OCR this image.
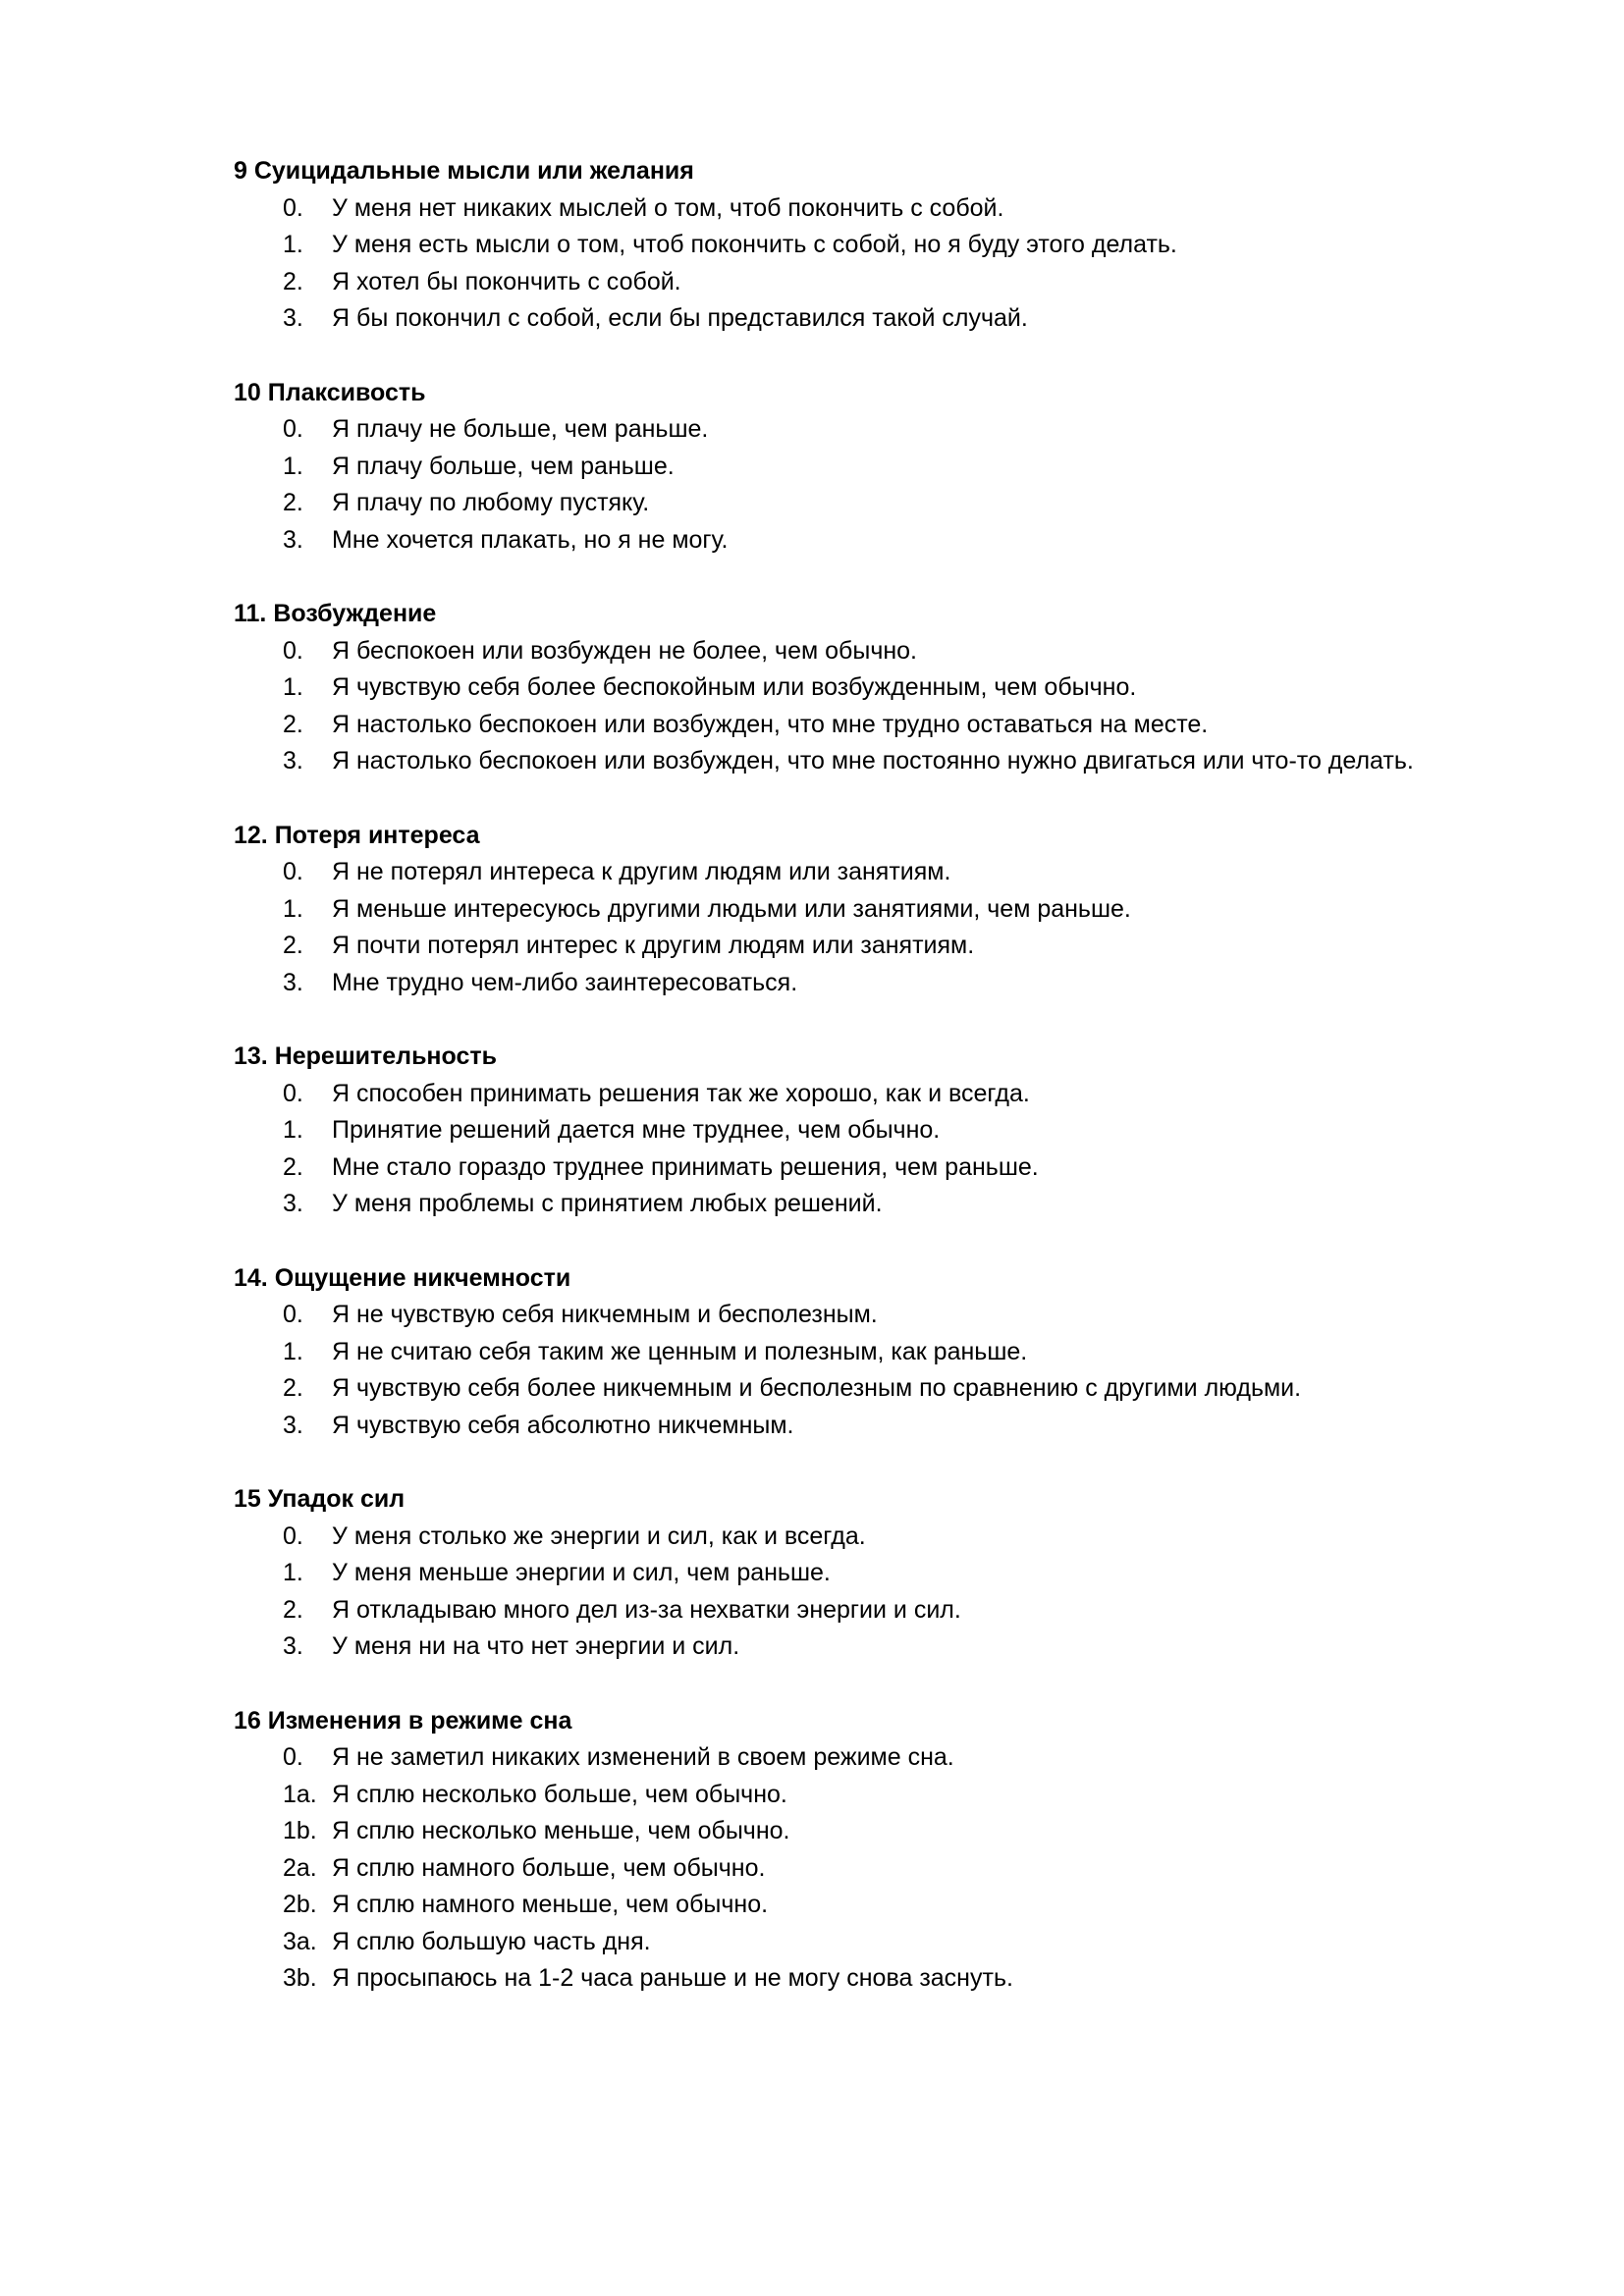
9 Суицидальные мысли или желания
0.	У меня нет никаких мыслей о том, чтоб покончить с собой.
1.	У меня есть мысли о том, чтоб покончить с собой, но я буду этого делать.
2.	Я хотел бы покончить с собой.
3.	Я бы покончил с собой, если бы представился такой случай.
10 Плаксивость
0.	Я плачу не больше, чем раньше.
1.	Я плачу больше, чем раньше.
2.	Я плачу по любому пустяку.
3.	Мне хочется плакать, но я не могу.
11. Возбуждение
0.	Я беспокоен или возбужден не более, чем обычно.
1.	Я чувствую себя более беспокойным или возбужденным, чем обычно.
2.	Я настолько беспокоен или возбужден, что мне трудно оставаться на месте.
3.	Я настолько беспокоен или возбужден, что мне постоянно нужно двигаться или что-то делать.
12. Потеря интереса
0.	Я не потерял интереса к другим людям или занятиям.
1.	Я меньше интересуюсь другими людьми или занятиями, чем раньше.
2.	Я почти потерял интерес к другим людям или занятиям.
3.	Мне трудно чем-либо заинтересоваться.
13. Нерешительность
0.	Я способен принимать решения так же хорошо, как и всегда.
1.	Принятие решений дается мне труднее, чем обычно.
2.	Мне стало гораздо труднее принимать решения, чем раньше.
3.	У меня проблемы с принятием любых решений.
14. Ощущение никчемности
0.	Я не чувствую себя никчемным и бесполезным.
1.	Я не считаю себя таким же ценным и полезным, как раньше.
2.	Я чувствую себя более никчемным и бесполезным по сравнению с другими людьми.
3.	Я чувствую себя абсолютно никчемным.
15 Упадок сил
0.	У меня столько же энергии и сил, как и всегда.
1.	У меня меньше энергии и сил, чем раньше.
2.	Я откладываю много дел из-за нехватки энергии и сил.
3.	У меня ни на что нет энергии и сил.
16 Изменения в режиме сна
0.	Я не заметил никаких изменений в своем режиме сна.
1a. Я сплю несколько больше, чем обычно.
1b. Я сплю несколько меньше, чем обычно.
2a. Я сплю намного больше, чем обычно.
2b. Я сплю намного меньше, чем обычно.
3a. Я сплю большую часть дня.
3b. Я просыпаюсь на 1-2 часа раньше и не могу снова заснуть.
